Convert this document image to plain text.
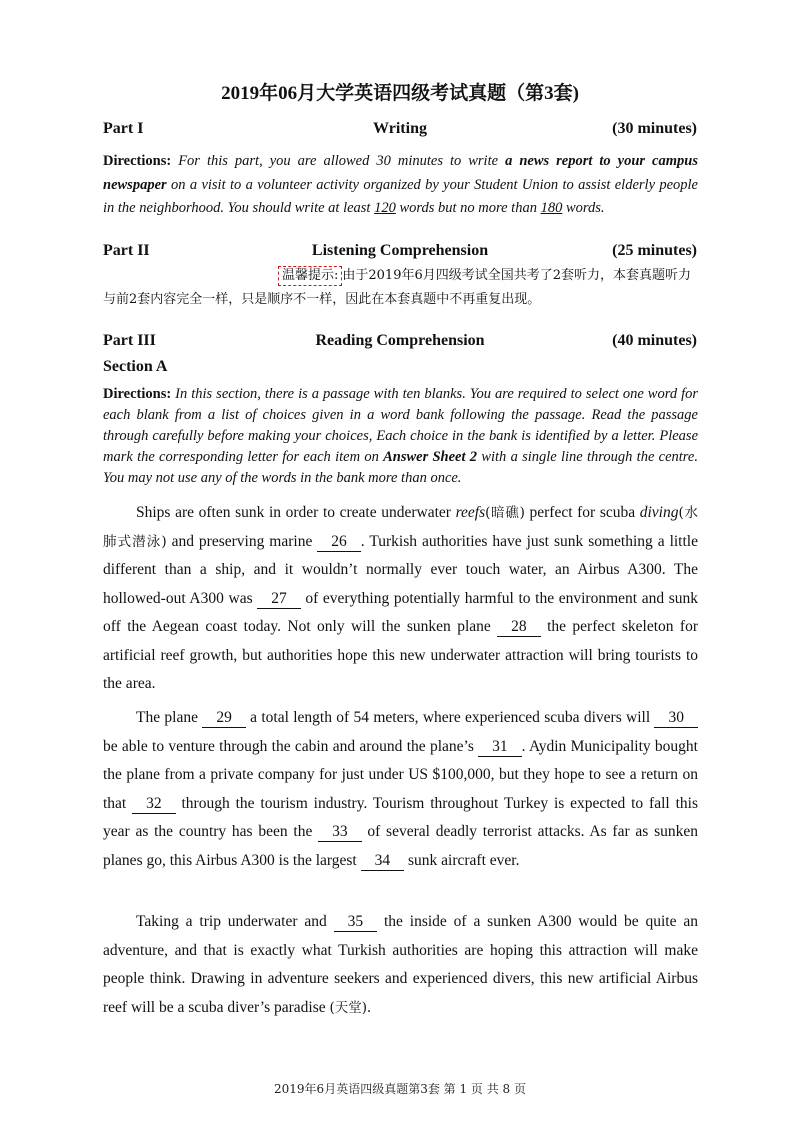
2019年06月大学英语四级考试真题（第3套)
Part I	Writing	(30 minutes)
Directions: For this part, you are allowed 30 minutes to write a news report to your campus newspaper on a visit to a volunteer activity organized by your Student Union to assist elderly people in the neighborhood. You should write at least 120 words but no more than 180 words.
Part II	Listening Comprehension	(25 minutes)
温馨提示: 由于2019年6月四级考试全国共考了2套听力，本套真题听力与前2套内容完全一样，只是顺序不一样，因此在本套真题中不再重复出现。
Part III	Reading Comprehension	(40 minutes)
Section A
Directions: In this section, there is a passage with ten blanks. You are required to select one word for each blank from a list of choices given in a word bank following the passage. Read the passage through carefully before making your choices, Each choice in the bank is identified by a letter. Please mark the corresponding letter for each item on Answer Sheet 2 with a single line through the centre. You may not use any of the words in the bank more than once.
Ships are often sunk in order to create underwater reefs(暗礁) perfect for scuba diving(水肺式潜泳) and preserving marine 26 . Turkish authorities have just sunk something a little different than a ship, and it wouldn’t normally ever touch water, an Airbus A300. The hollowed-out A300 was 27 of everything potentially harmful to the environment and sunk off the Aegean coast today. Not only will the sunken plane 28 the perfect skeleton for artificial reef growth, but authorities hope this new underwater attraction will bring tourists to the area.
The plane 29 a total length of 54 meters, where experienced scuba divers will 30 be able to venture through the cabin and around the plane’s 31 . Aydin Municipality bought the plane from a private company for just under US $100,000, but they hope to see a return on that 32 through the tourism industry. Tourism throughout Turkey is expected to fall this year as the country has been the 33 of several deadly terrorist attacks. As far as sunken planes go, this Airbus A300 is the largest 34 sunk aircraft ever.
Taking a trip underwater and 35 the inside of a sunken A300 would be quite an adventure, and that is exactly what Turkish authorities are hoping this attraction will make people think. Drawing in adventure seekers and experienced divers, this new artificial Airbus reef will be a scuba diver’s paradise (天堂).
2019年6月英语四级真题第3套 第 1 页 共 8 页
